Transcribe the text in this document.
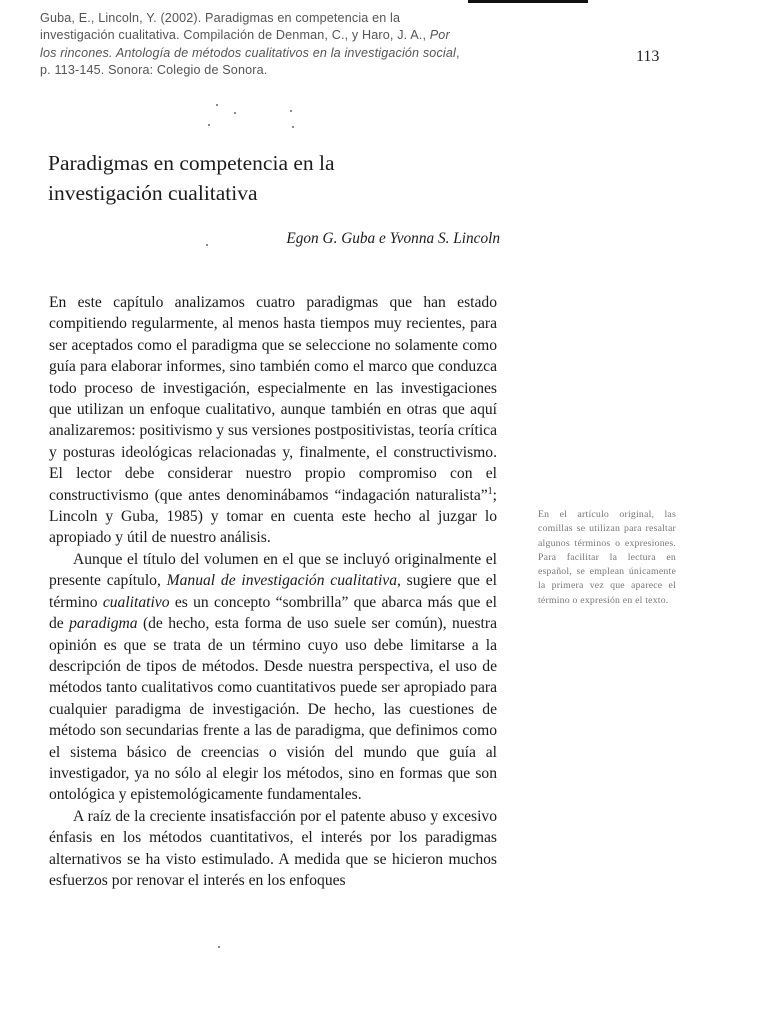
Guba, E., Lincoln, Y. (2002). Paradigmas en competencia en la investigación cualitativa. Compilación de Denman, C., y Haro, J. A., Por los rincones. Antología de métodos cualitativos en la investigación social, p. 113-145. Sonora: Colegio de Sonora.
113
Paradigmas en competencia en la
investigación cualitativa
Egon G. Guba e Yvonna S. Lincoln

En este capítulo analizamos cuatro paradigmas que han estado compitiendo regularmente, al menos hasta tiempos muy recientes, para ser aceptados como el paradigma que se seleccione no solamente como guía para elaborar informes, sino también como el marco que conduzca todo proceso de investigación, especialmente en las investigaciones que utilizan un enfoque cualitativo, aunque también en otras que aquí analizaremos: positivismo y sus versiones postpositivistas, teoría crítica y posturas ideológicas relacionadas y, finalmente, el constructivismo. El lector debe considerar nuestro propio compromiso con el constructivismo (que antes denominábamos “indagación naturalista”$^1$; Lincoln y Guba, 1985) y tomar en cuenta este hecho al juzgar lo apropiado y útil de nuestro análisis.

Aunque el título del volumen en el que se incluyó originalmente el presente capítulo, Manual de investigación cualitativa, sugiere que el término cualitativo es un concepto “sombrilla” que abarca más que el de paradigma (de hecho, esta forma de uso suele ser común), nuestra opinión es que se trata de un término cuyo uso debe limitarse a la descripción de tipos de métodos. Desde nuestra perspectiva, el uso de métodos tanto cualitativos como cuantitativos puede ser apropiado para cualquier paradigma de investigación. De hecho, las cuestiones de método son secundarias frente a las de paradigma, que definimos como el sistema básico de creencias o visión del mundo que guía al investigador, ya no sólo al elegir los métodos, sino en formas que son ontológica y epistemológicamente fundamentales.

A raíz de la creciente insatisfacción por el patente abuso y excesivo énfasis en los métodos cuantitativos, el interés por los paradigmas alternativos se ha visto estimulado. A medida que se hicieron muchos esfuerzos por renovar el interés en los enfoques

En el artículo original, las comillas se utilizan para resaltar algunos términos o expresiones. Para facilitar la lectura en español, se emplean únicamente la primera vez que aparece el término o expresión en el texto.
